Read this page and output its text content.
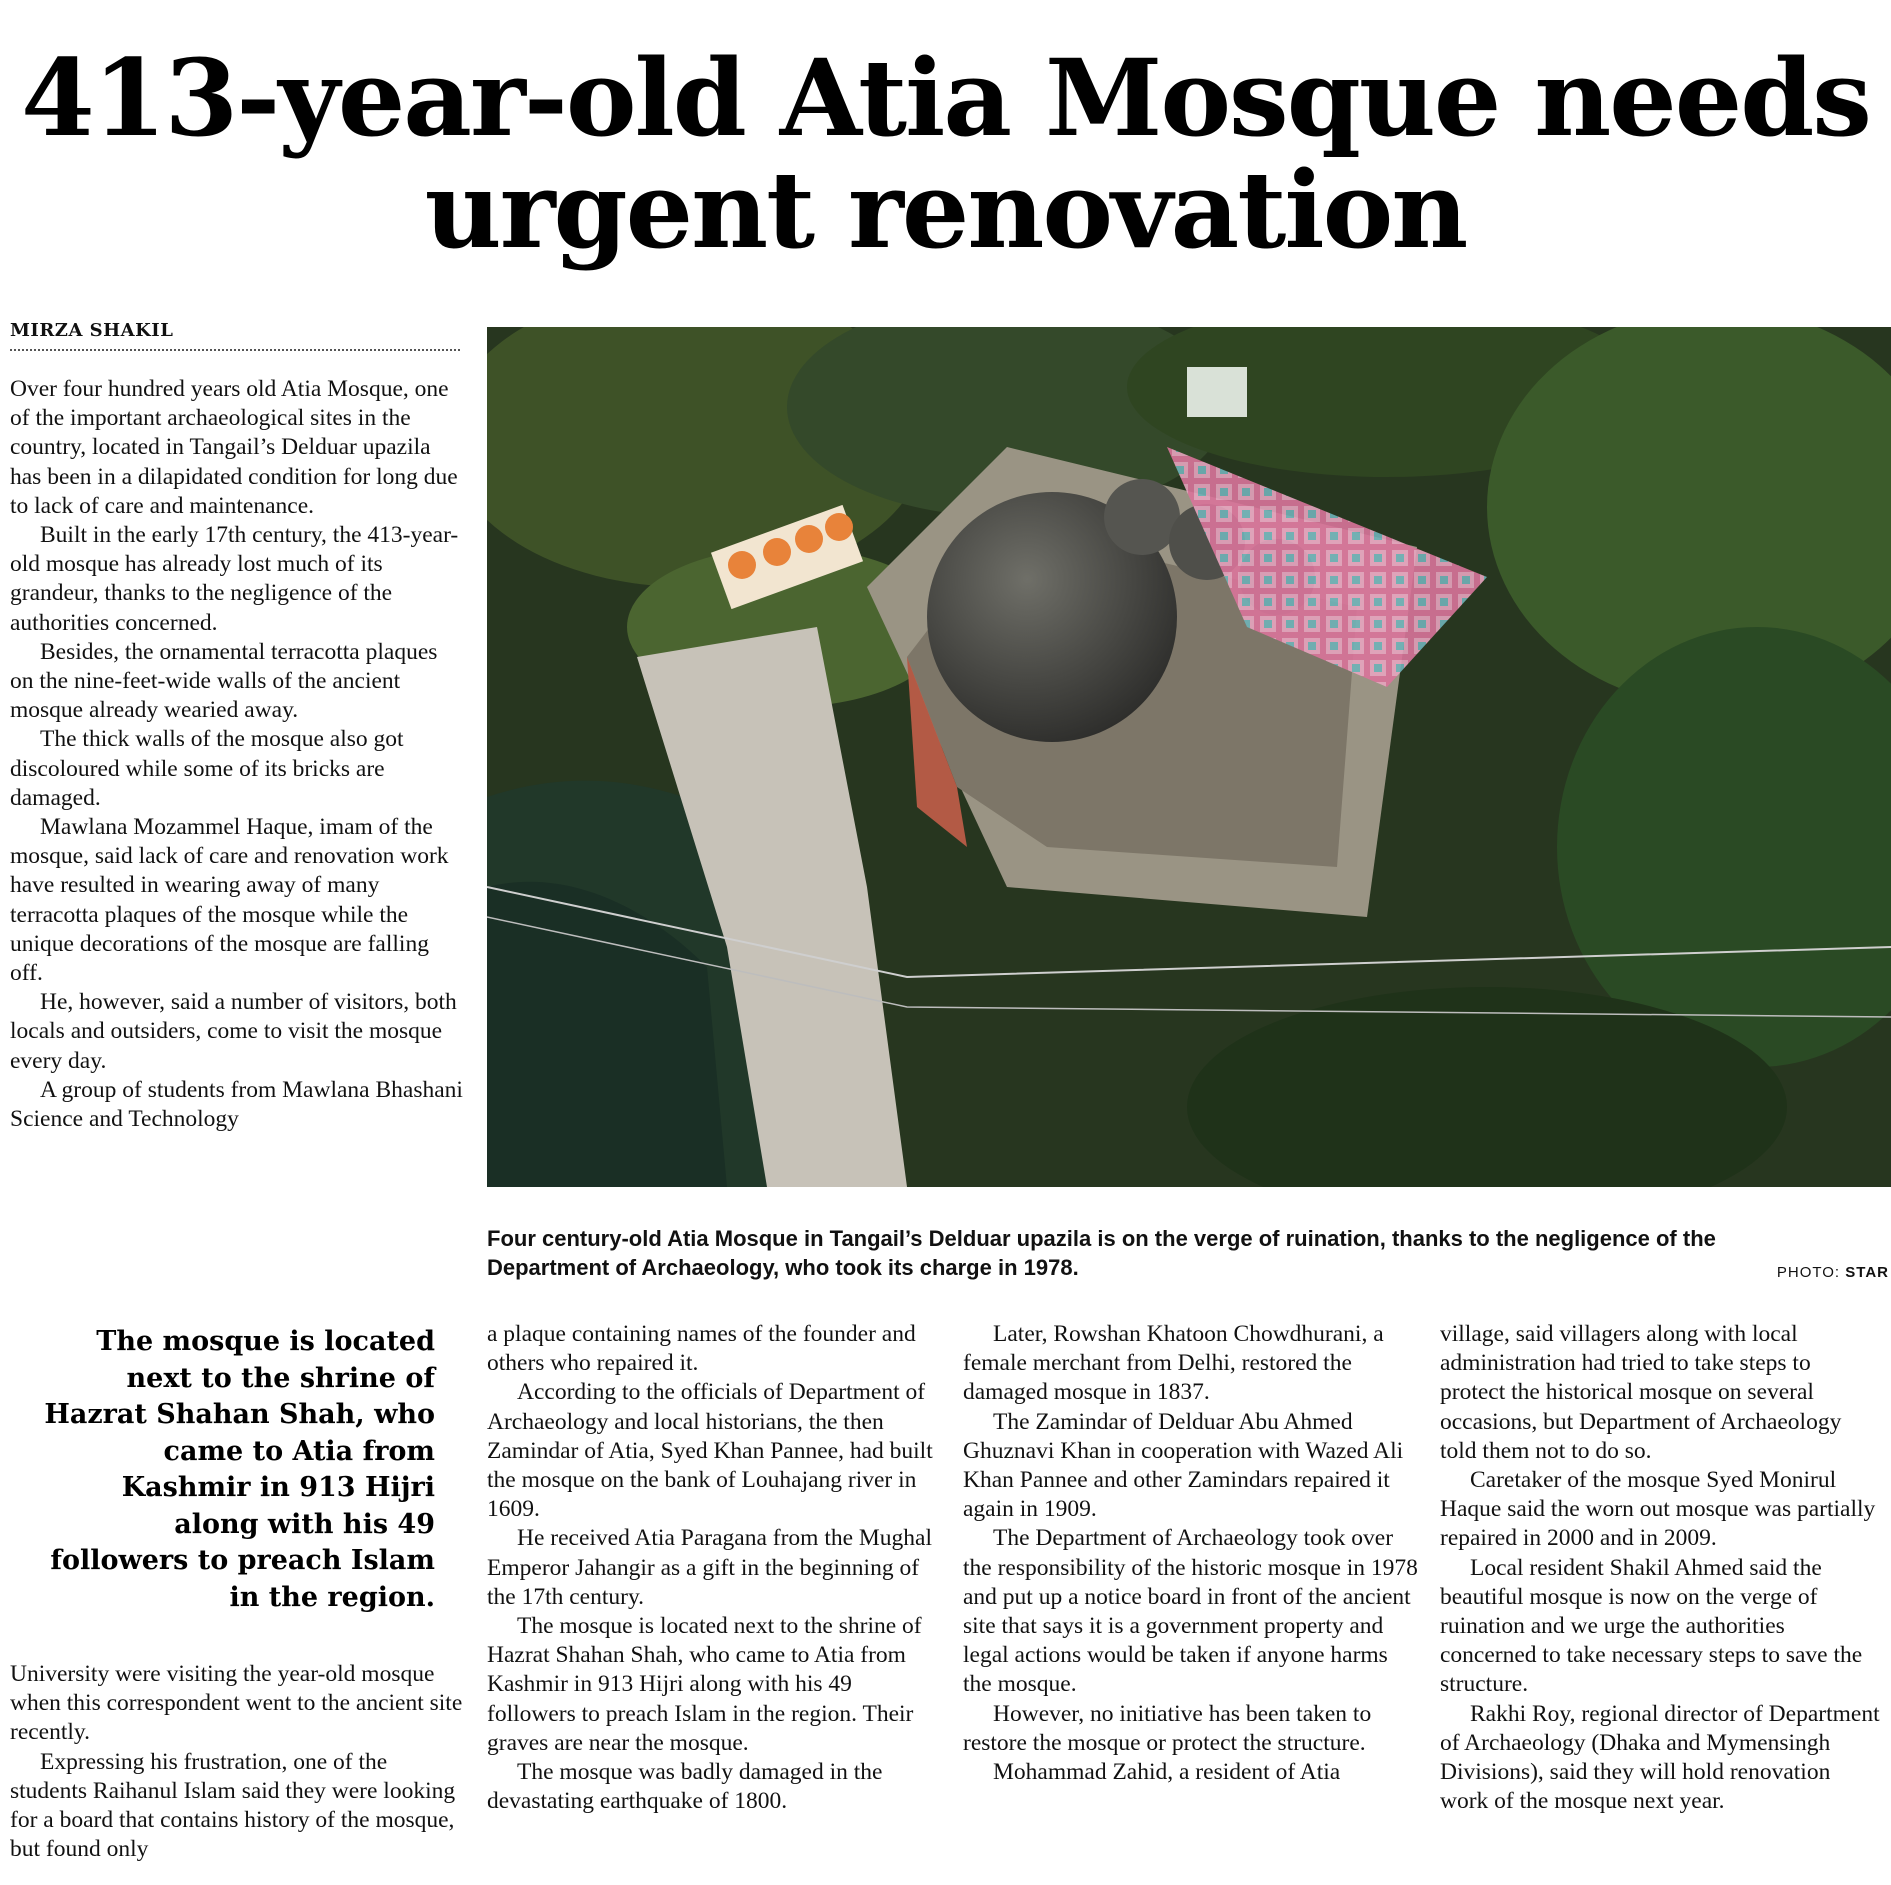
413-year-old Atia Mosque needs urgent renovation
MIRZA SHAKIL

Over four hundred years old Atia Mosque, one of the important archaeological sites in the country, located in Tangail’s Delduar upazila has been in a dilapidated condition for long due to lack of care and maintenance.

Built in the early 17th century, the 413-year-old mosque has already lost much of its grandeur, thanks to the negligence of the authorities concerned.

Besides, the ornamental terracotta plaques on the nine-feet-wide walls of the ancient mosque already wearied away.

The thick walls of the mosque also got discoloured while some of its bricks are damaged.

Mawlana Mozammel Haque, imam of the mosque, said lack of care and renovation work have resulted in wearing away of many terracotta plaques of the mosque while the unique decorations of the mosque are falling off.

He, however, said a number of visitors, both locals and outsiders, come to visit the mosque every day.

A group of students from Mawlana Bhashani Science and Technology

Four century-old Atia Mosque in Tangail’s Delduar upazila is on the verge of ruination, thanks to the negligence of the Department of Archaeology, who took its charge in 1978.	PHOTO: STAR

The mosque is located next to the shrine of Hazrat Shahan Shah, who came to Atia from Kashmir in 913 Hijri along with his 49 followers to preach Islam in the region.

University were visiting the year-old mosque when this correspondent went to the ancient site recently.

Expressing his frustration, one of the students Raihanul Islam said they were looking for a board that contains history of the mosque, but found only

a plaque containing names of the founder and others who repaired it.

According to the officials of Department of Archaeology and local historians, the then Zamindar of Atia, Syed Khan Pannee, had built the mosque on the bank of Louhajang river in 1609.

He received Atia Paragana from the Mughal Emperor Jahangir as a gift in the beginning of the 17th century.

The mosque is located next to the shrine of Hazrat Shahan Shah, who came to Atia from Kashmir in 913 Hijri along with his 49 followers to preach Islam in the region. Their graves are near the mosque.

The mosque was badly damaged in the devastating earthquake of 1800.

Later, Rowshan Khatoon Chowdhurani, a female merchant from Delhi, restored the damaged mosque in 1837.

The Zamindar of Delduar Abu Ahmed Ghuznavi Khan in cooperation with Wazed Ali Khan Pannee and other Zamindars repaired it again in 1909.

The Department of Archaeology took over the responsibility of the historic mosque in 1978 and put up a notice board in front of the ancient site that says it is a government property and legal actions would be taken if anyone harms the mosque.

However, no initiative has been taken to restore the mosque or protect the structure.

Mohammad Zahid, a resident of Atia

village, said villagers along with local administration had tried to take steps to protect the historical mosque on several occasions, but Department of Archaeology told them not to do so.

Caretaker of the mosque Syed Monirul Haque said the worn out mosque was partially repaired in 2000 and in 2009.

Local resident Shakil Ahmed said the beautiful mosque is now on the verge of ruination and we urge the authorities concerned to take necessary steps to save the structure.

Rakhi Roy, regional director of Department of Archaeology (Dhaka and Mymensingh Divisions), said they will hold renovation work of the mosque next year.
